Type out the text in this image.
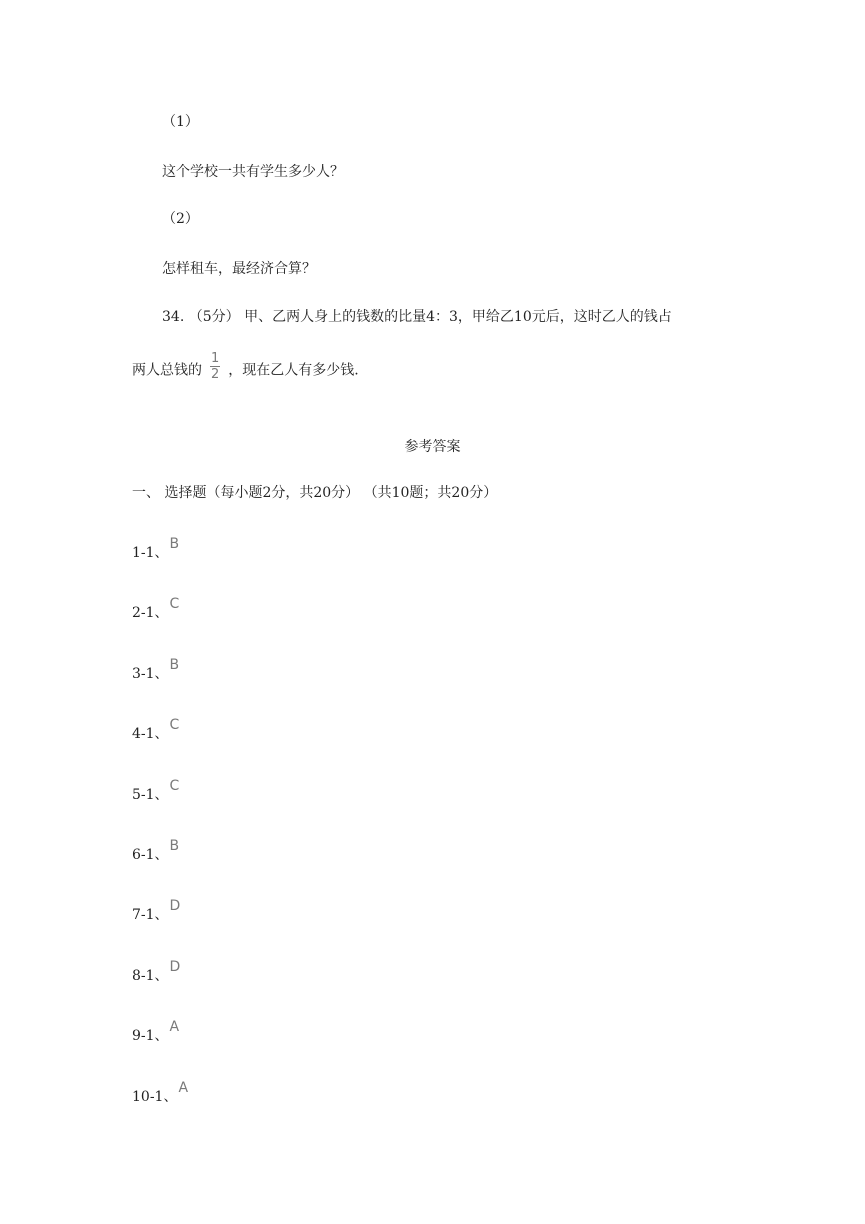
（1）

这个学校一共有学生多少人？

（2）

怎样租车，最经济合算？

34. （5分） 甲、乙两人身上的钱数的比量4：3，甲给乙10元后，这时乙人的钱占

两人总钱的 $\frac{1}{2}$ ，现在乙人有多少钱.

参考答案

一、 选择题（每小题2分，共20分） （共10题；共20分）

1-1、B

2-1、C

3-1、B

4-1、C

5-1、C

6-1、B

7-1、D

8-1、D

9-1、A

10-1、A
